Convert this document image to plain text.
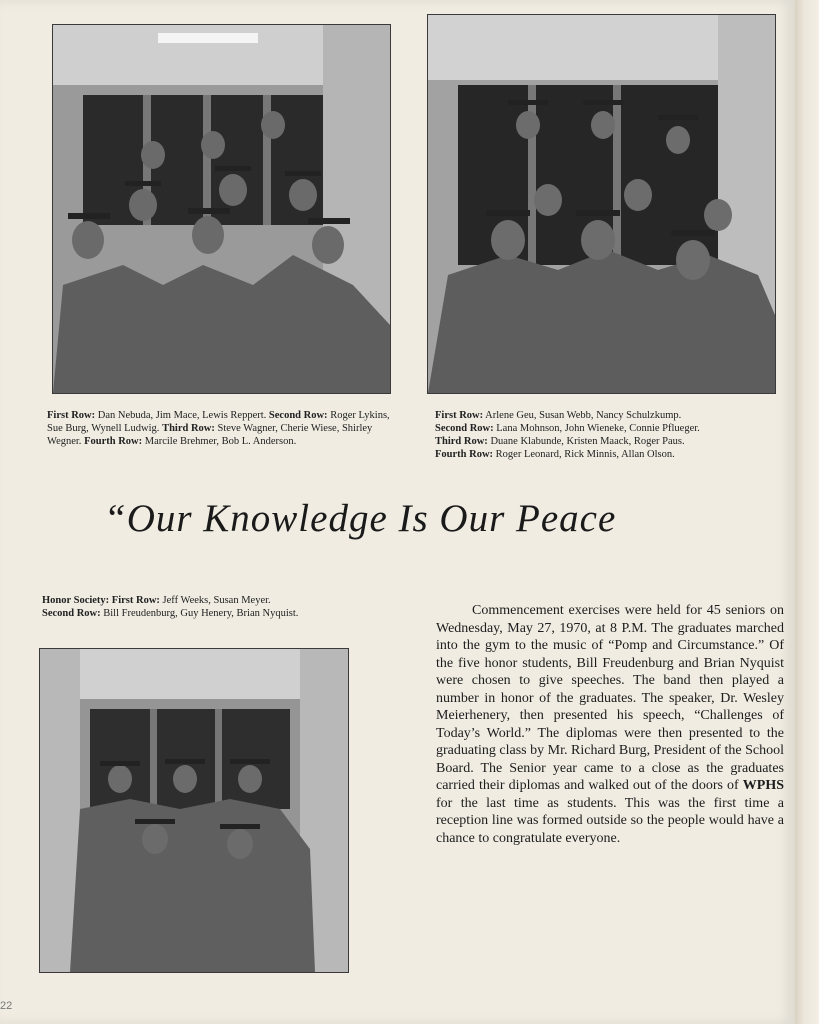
First Row: Dan Nebuda, Jim Mace, Lewis Reppert. Second Row: Roger Lykins, Sue Burg, Wynell Ludwig. Third Row: Steve Wagner, Cherie Wiese, Shirley Wegner. Fourth Row: Marcile Brehmer, Bob L. Anderson.
First Row: Arlene Geu, Susan Webb, Nancy Schulzkump.
Second Row: Lana Mohnson, John Wieneke, Connie Pflueger.
Third Row: Duane Klabunde, Kristen Maack, Roger Paus.
Fourth Row: Roger Leonard, Rick Minnis, Allan Olson.
“Our Knowledge Is Our Peace
Honor Society: First Row: Jeff Weeks, Susan Meyer.
Second Row: Bill Freudenburg, Guy Henery, Brian Nyquist.	Commencement exercises were held for 45 seniors on Wednesday, May 27, 1970, at 8 P.M. The graduates marched into the gym to the music of “Pomp and Circumstance.” Of the five honor students, Bill Freudenburg and Brian Nyquist were chosen to give speeches. The band then played a number in honor of the graduates. The speaker, Dr. Wesley Meierhenery, then presented his speech, “Challenges of Today’s World.” The diplomas were then presented to the graduating class by Mr. Richard Burg, President of the School Board. The Senior year came to a close as the graduates carried their diplomas and walked out of the doors of WPHS for the last time as students. This was the first time a reception line was formed outside so the people would have a chance to congratulate everyone.
22
